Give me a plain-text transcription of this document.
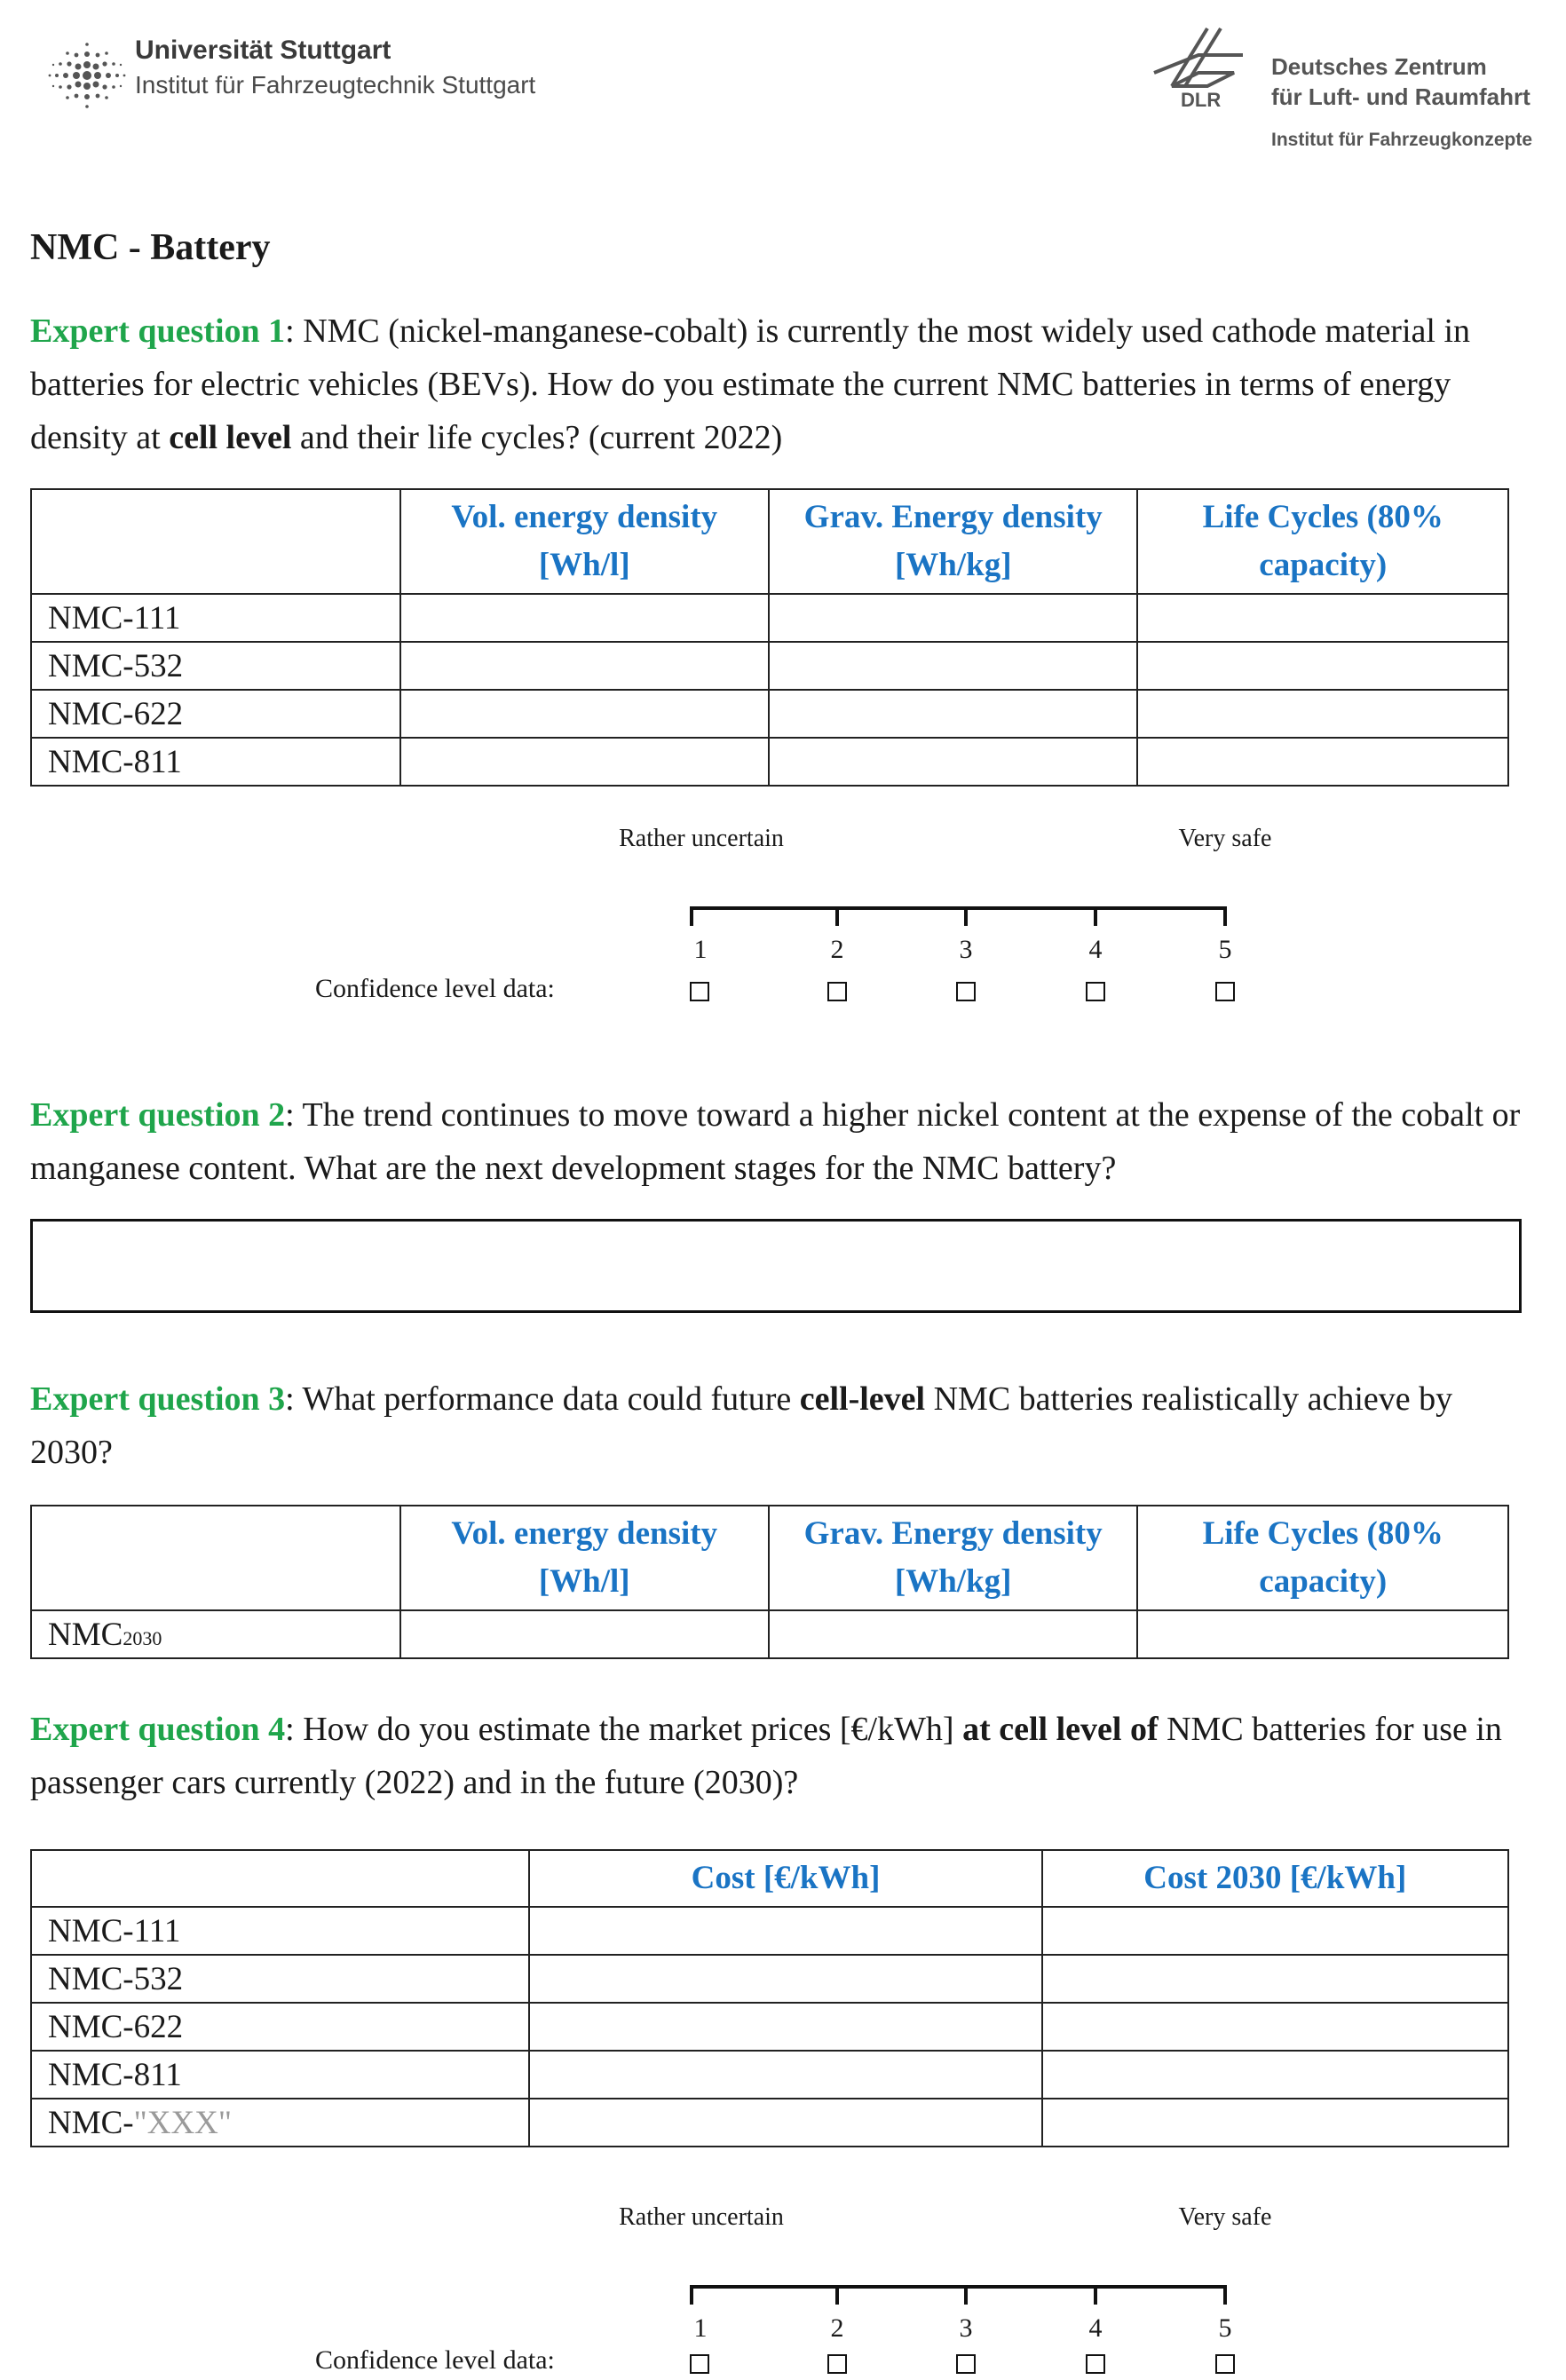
Universität Stuttgart
Institut für Fahrzeugtechnik Stuttgart
DLR
Deutsches Zentrum
für Luft- und Raumfahrt
Institut für Fahrzeugkonzepte
NMC - Battery
Expert question 1: NMC (nickel-manganese-cobalt) is currently the most widely used cathode material in batteries for electric vehicles (BEVs). How do you estimate the current NMC batteries in terms of energy density at cell level and their life cycles? (current 2022)
	Vol. energy density [Wh/l]	Grav. Energy density [Wh/kg]	Life Cycles (80% capacity)
NMC-111			
NMC-532			
NMC-622			
NMC-811			
Rather uncertain	Very safe
1	2	3	4	5
Confidence level data:
Expert question 2: The trend continues to move toward a higher nickel content at the expense of the cobalt or manganese content. What are the next development stages for the NMC battery?
Expert question 3: What performance data could future cell-level NMC batteries realistically achieve by 2030?
	Vol. energy density [Wh/l]	Grav. Energy density [Wh/kg]	Life Cycles (80% capacity)
NMC2030			
Expert question 4: How do you estimate the market prices [€/kWh] at cell level of NMC batteries for use in passenger cars currently (2022) and in the future (2030)?
	Cost [€/kWh]	Cost 2030 [€/kWh]
NMC-111		
NMC-532		
NMC-622		
NMC-811		
NMC-"XXX"		
Rather uncertain	Very safe
1	2	3	4	5
Confidence level data:
